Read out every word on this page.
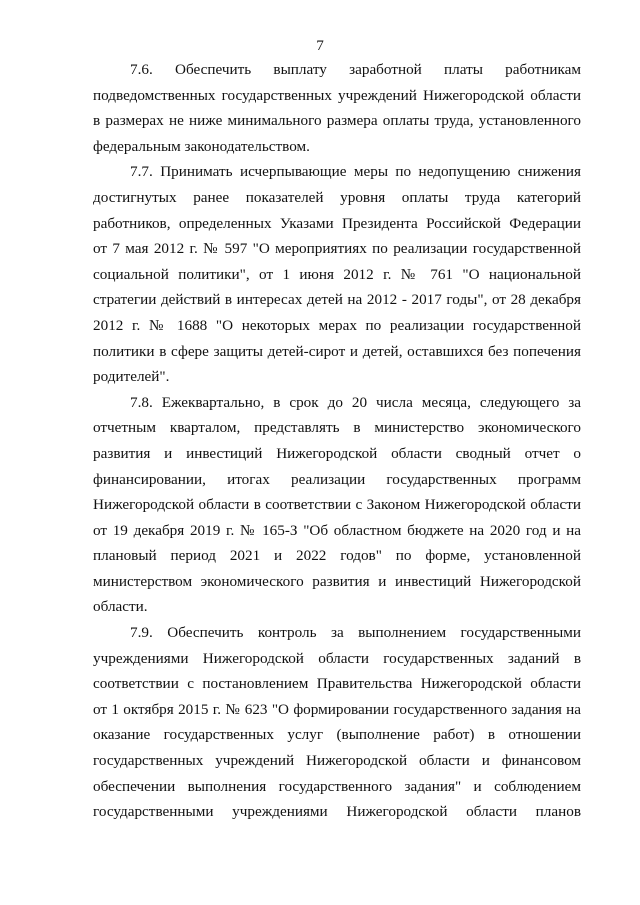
7
7.6. Обеспечить выплату заработной платы работникам
подведомственных государственных учреждений Нижегородской области
в размерах не ниже минимального размера оплаты труда, установленного
федеральным законодательством.
7.7. Принимать исчерпывающие меры по недопущению снижения
достигнутых ранее показателей уровня оплаты труда категорий
работников, определенных Указами Президента Российской Федерации
от 7 мая 2012 г. № 597 "О мероприятиях по реализации государственной
социальной политики", от 1 июня 2012 г. № 761 "О национальной
стратегии действий в интересах детей на 2012 - 2017 годы", от 28 декабря
2012 г. № 1688 "О некоторых мерах по реализации государственной
политики в сфере защиты детей-сирот и детей, оставшихся без попечения
родителей".
7.8. Ежеквартально, в срок до 20 числа месяца, следующего за
отчетным кварталом, представлять в министерство экономического
развития и инвестиций Нижегородской области сводный отчет о
финансировании, итогах реализации государственных программ
Нижегородской области в соответствии с Законом Нижегородской области
от 19 декабря 2019 г. № 165-З "Об областном бюджете на 2020 год и на
плановый период 2021 и 2022 годов" по форме, установленной
министерством экономического развития и инвестиций Нижегородской
области.
7.9. Обеспечить контроль за выполнением государственными
учреждениями Нижегородской области государственных заданий в
соответствии с постановлением Правительства Нижегородской области
от 1 октября 2015 г. № 623 "О формировании государственного задания на
оказание государственных услуг (выполнение работ) в отношении
государственных учреждений Нижегородской области и финансовом
обеспечении выполнения государственного задания" и соблюдением
государственными учреждениями Нижегородской области планов
